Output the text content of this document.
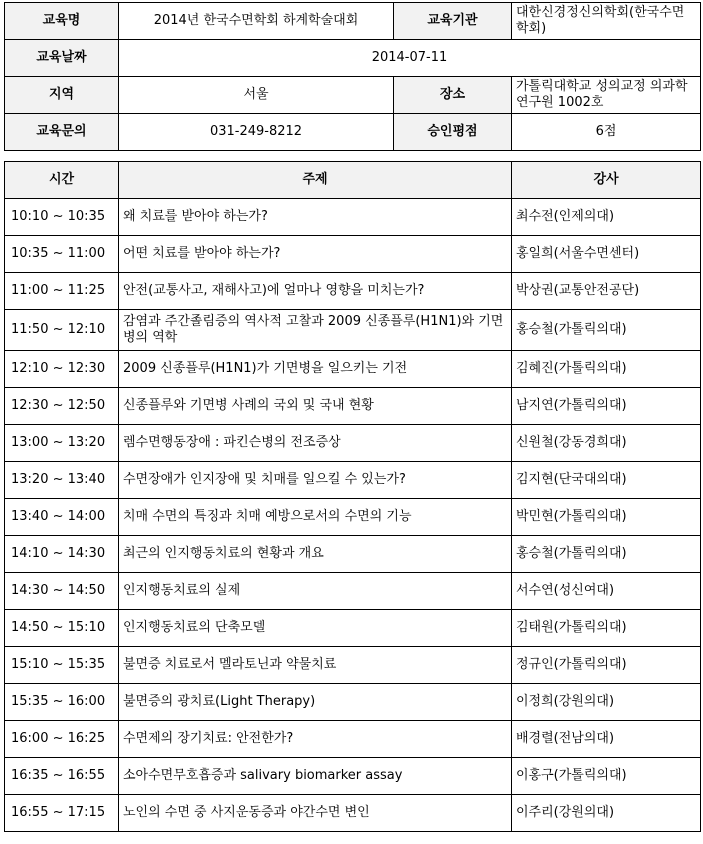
교육명	2014년 한국수면학회 하계학술대회	교육기관	대한신경정신의학회(한국수면학회)
교육날짜	2014-07-11		
지역	서울	장소	가톨릭대학교 성의교정 의과학연구원 1002호
교육문의	031-249-8212	승인평점	6점
시간	주제	강사
10:10 ~ 10:35	왜 치료를 받아야 하는가?	최수전(인제의대)
10:35 ~ 11:00	어떤 치료를 받아야 하는가?	홍일희(서울수면센터)
11:00 ~ 11:25	안전(교통사고, 재해사고)에 얼마나 영향을 미치는가?	박상권(교통안전공단)
11:50 ~ 12:10	감염과 주간졸림증의 역사적 고찰과 2009 신종플루(H1N1)와 기면병의 역학	홍승철(가톨릭의대)
12:10 ~ 12:30	2009 신종플루(H1N1)가 기면병을 일으키는 기전	김혜진(가톨릭의대)
12:30 ~ 12:50	신종플루와 기면병 사례의 국외 및 국내 현황	남지연(가톨릭의대)
13:00 ~ 13:20	렘수면행동장애 : 파킨슨병의 전조증상	신원철(강동경희대)
13:20 ~ 13:40	수면장애가 인지장애 및 치매를 일으킬 수 있는가?	김지현(단국대의대)
13:40 ~ 14:00	치매 수면의 특징과 치매 예방으로서의 수면의 기능	박민현(가톨릭의대)
14:10 ~ 14:30	최근의 인지행동치료의 현황과 개요	홍승철(가톨릭의대)
14:30 ~ 14:50	인지행동치료의 실제	서수연(성신여대)
14:50 ~ 15:10	인지행동치료의 단축모델	김태원(가톨릭의대)
15:10 ~ 15:35	불면증 치료로서 멜라토닌과 약물치료	정규인(가톨릭의대)
15:35 ~ 16:00	불면증의 광치료(Light Therapy)	이정희(강원의대)
16:00 ~ 16:25	수면제의 장기치료: 안전한가?	배경렬(전남의대)
16:35 ~ 16:55	소아수면무호흡증과 salivary biomarker assay	이홍구(가톨릭의대)
16:55 ~ 17:15	노인의 수면 중 사지운동증과 야간수면 변인	이주리(강원의대)
